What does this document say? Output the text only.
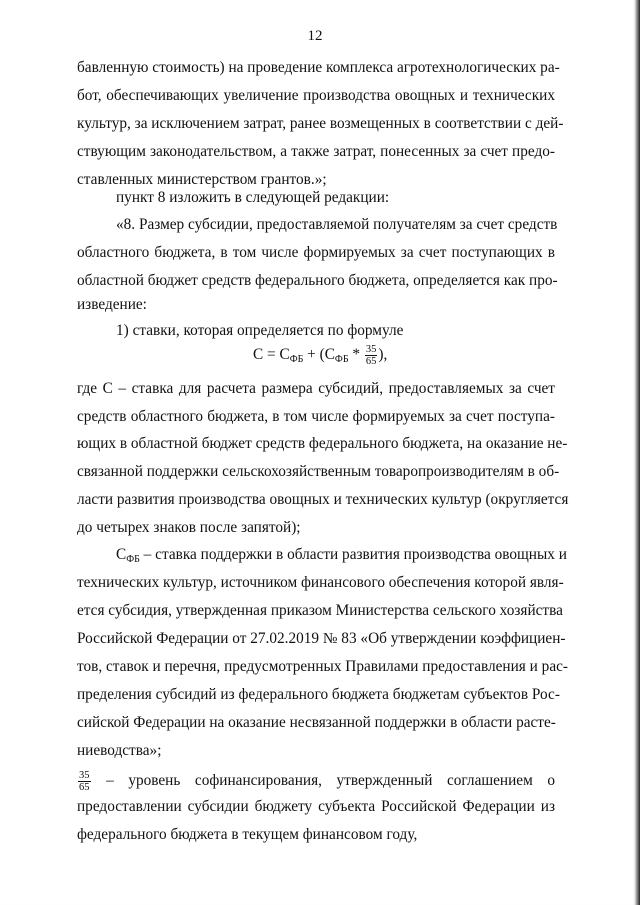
12
бавленную стоимость) на проведение комплекса агротехнологических ра-
бот, обеспечивающих увеличение производства овощных и технических
культур, за исключением затрат, ранее возмещенных в соответствии с дей-
ствующим законодательством, а также затрат, понесенных за счет предо-
ставленных министерством грантов.»;
пункт 8 изложить в следующей редакции:
«8. Размер субсидии, предоставляемой получателям за счет средств
областного бюджета, в том числе формируемых за счет поступающих в
областной бюджет средств федерального бюджета, определяется как про-
изведение:
1) ставки, которая определяется по формуле
$С = С_{ФБ} + (С_{ФБ} * \frac{35}{65}$ ),
где С – ставка для расчета размера субсидий, предоставляемых за счет
средств областного бюджета, в том числе формируемых за счет поступа-
ющих в областной бюджет средств федерального бюджета, на оказание не-
связанной поддержки сельскохозяйственным товаропроизводителям в об-
ласти развития производства овощных и технических культур (округляется
до четырех знаков после запятой);
$С_{ФБ}$ – ставка поддержки в области развития производства овощных и
технических культур, источником финансового обеспечения которой явля-
ется субсидия, утвержденная приказом Министерства сельского хозяйства
Российской Федерации от 27.02.2019 № 83 «Об утверждении коэффициен-
тов, ставок и перечня, предусмотренных Правилами предоставления и рас-
пределения субсидий из федерального бюджета бюджетам субъектов Рос-
сийской Федерации на оказание несвязанной поддержки в области расте-
ниеводства»;
$\frac{35}{65}$ – уровень софинансирования, утвержденный соглашением о
предоставлении субсидии бюджету субъекта Российской Федерации из
федерального бюджета в текущем финансовом году,
